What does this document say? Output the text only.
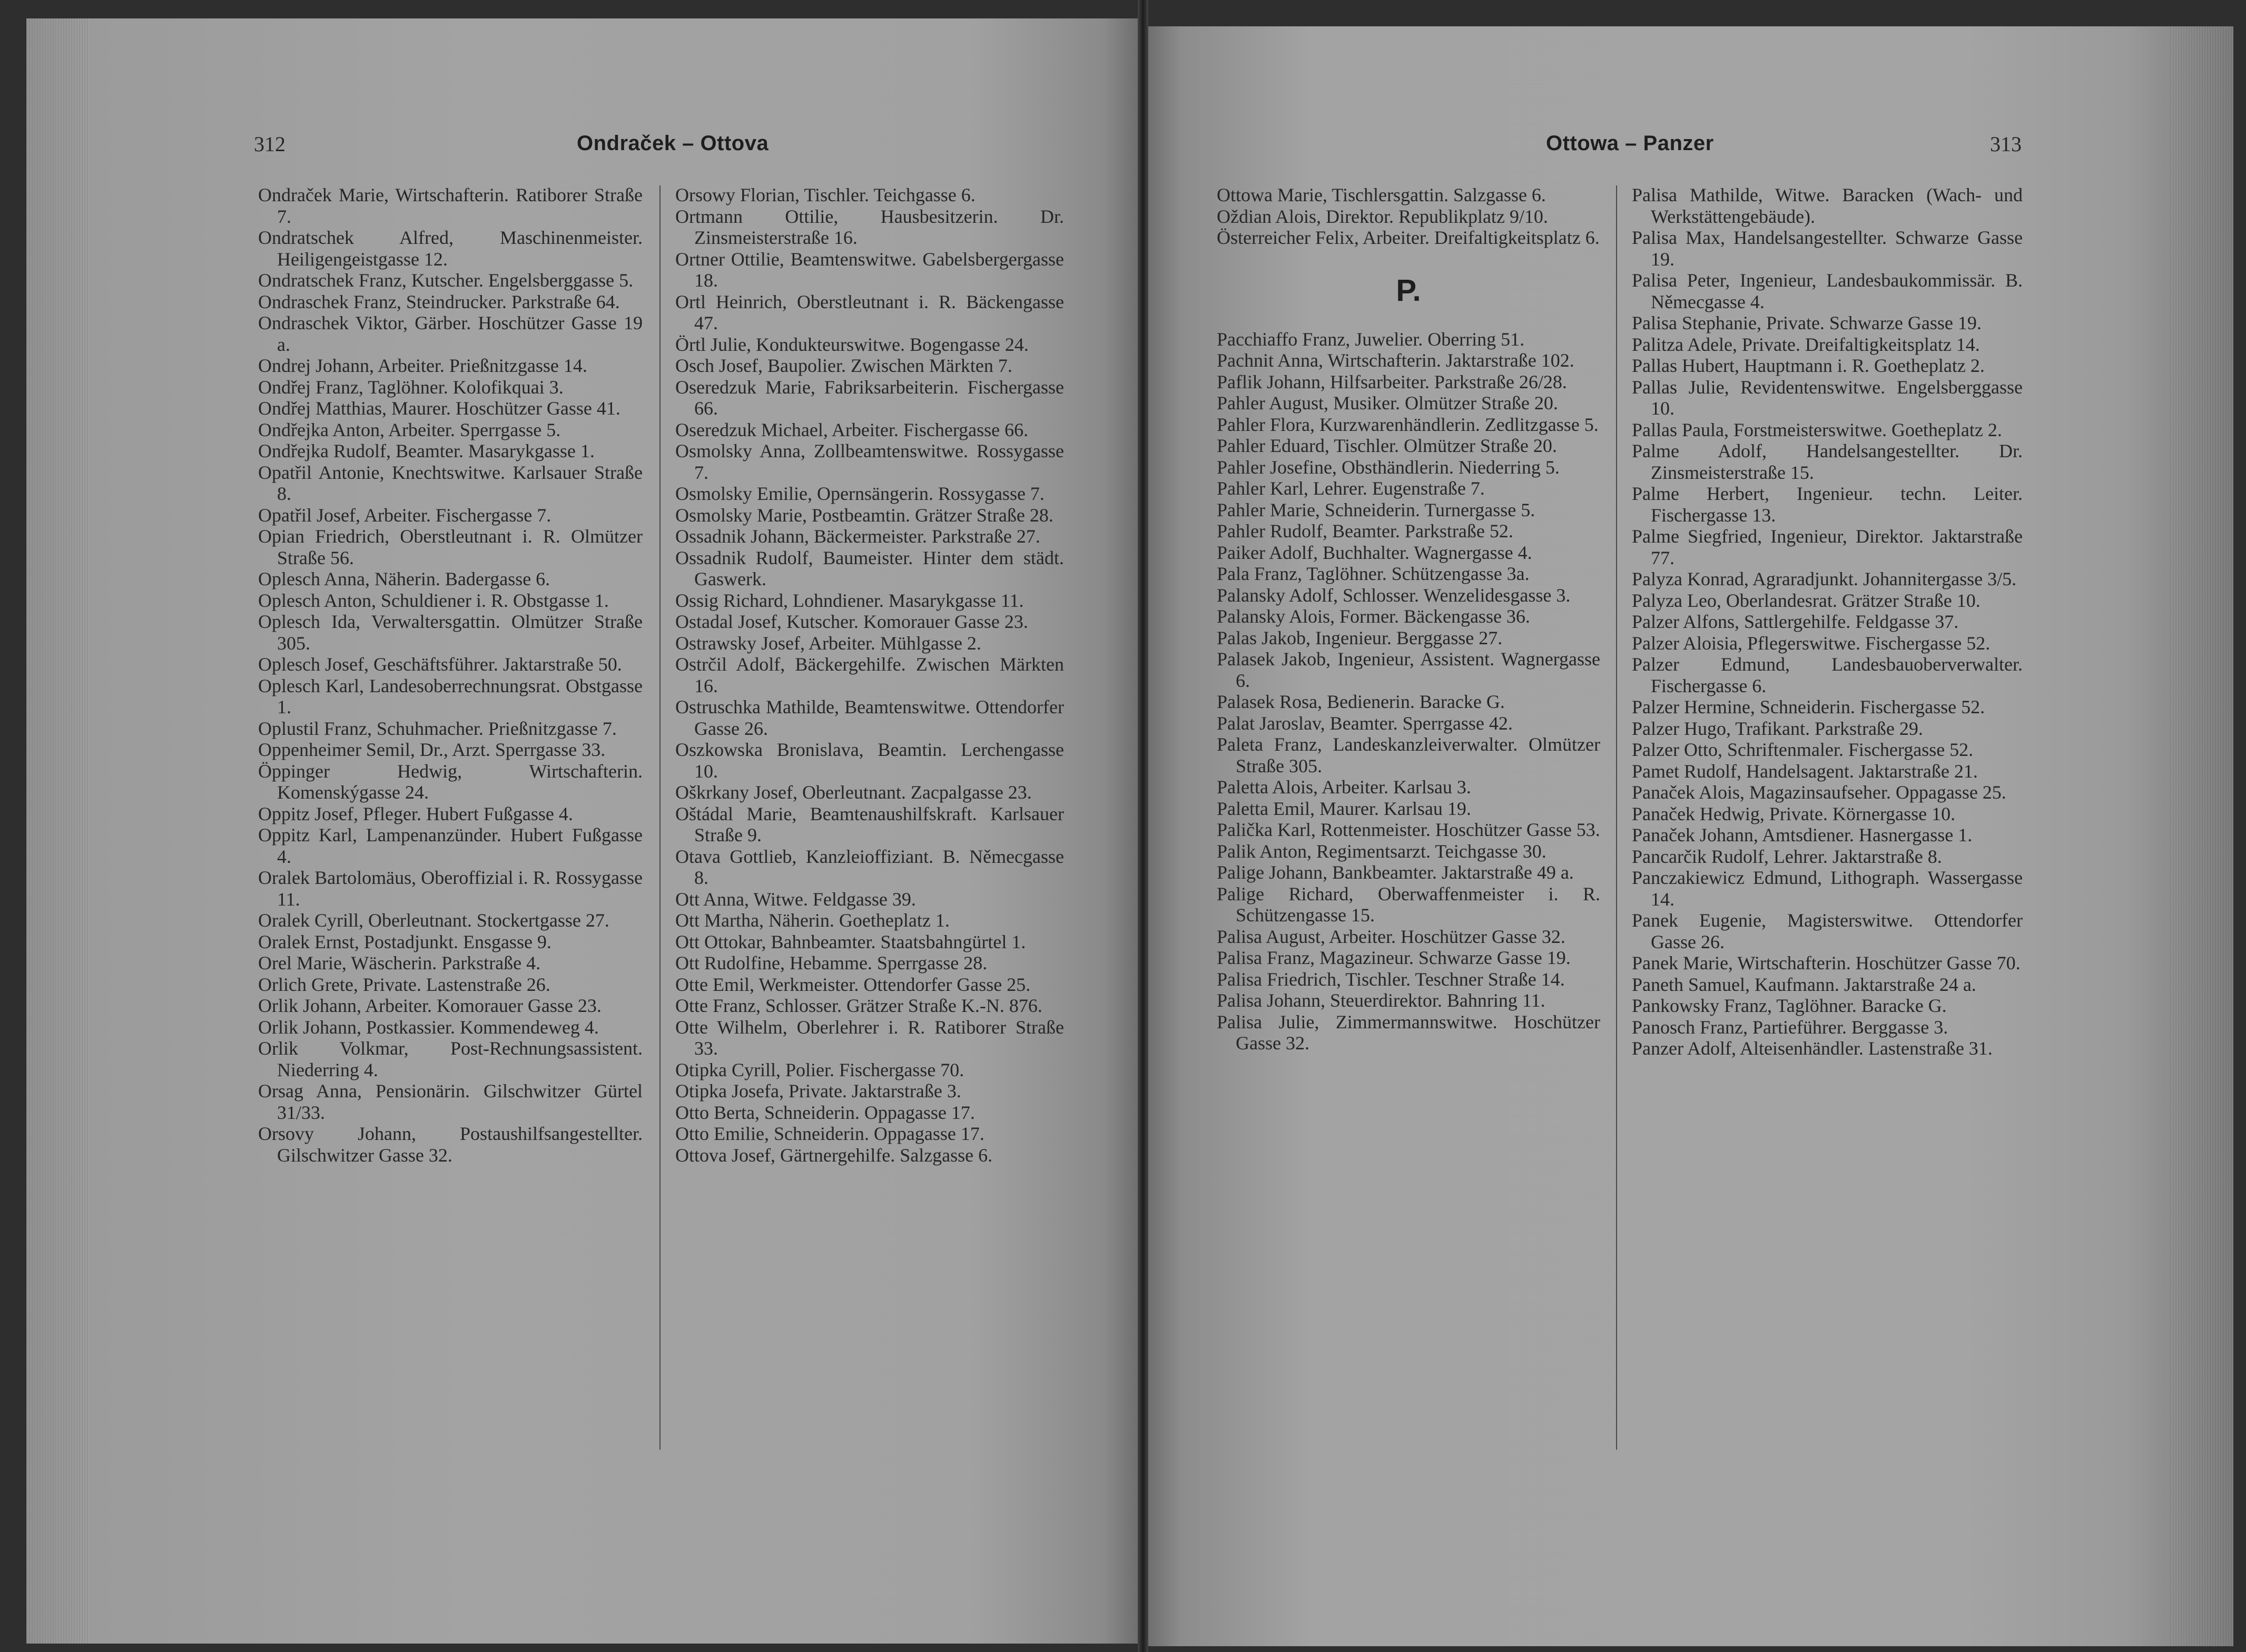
312	Ondraček – Ottova
Ondraček Marie, Wirtschafterin. Ratiborer Straße 7.
Ondratschek Alfred, Maschinenmeister. Heiligengeistgasse 12.
Ondratschek Franz, Kutscher. Engelsberggasse 5.
Ondraschek Franz, Steindrucker. Parkstraße 64.
Ondraschek Viktor, Gärber. Hoschützer Gasse 19 a.
Ondrej Johann, Arbeiter. Prießnitzgasse 14.
Ondřej Franz, Taglöhner. Kolofikquai 3.
Ondřej Matthias, Maurer. Hoschützer Gasse 41.
Ondřejka Anton, Arbeiter. Sperrgasse 5.
Ondřejka Rudolf, Beamter. Masarykgasse 1.
Opatřil Antonie, Knechtswitwe. Karlsauer Straße 8.
Opatřil Josef, Arbeiter. Fischergasse 7.
Opian Friedrich, Oberstleutnant i. R. Olmützer Straße 56.
Oplesch Anna, Näherin. Badergasse 6.
Oplesch Anton, Schuldiener i. R. Obstgasse 1.
Oplesch Ida, Verwaltersgattin. Olmützer Straße 305.
Oplesch Josef, Geschäftsführer. Jaktarstraße 50.
Oplesch Karl, Landesoberrechnungsrat. Obstgasse 1.
Oplustil Franz, Schuhmacher. Prießnitzgasse 7.
Oppenheimer Semil, Dr., Arzt. Sperrgasse 33.
Öppinger Hedwig, Wirtschafterin. Komenskýgasse 24.
Oppitz Josef, Pfleger. Hubert Fußgasse 4.
Oppitz Karl, Lampenanzünder. Hubert Fußgasse 4.
Oralek Bartolomäus, Oberoffizial i. R. Rossygasse 11.
Oralek Cyrill, Oberleutnant. Stockertgasse 27.
Oralek Ernst, Postadjunkt. Ensgasse 9.
Orel Marie, Wäscherin. Parkstraße 4.
Orlich Grete, Private. Lastenstraße 26.
Orlik Johann, Arbeiter. Komorauer Gasse 23.
Orlik Johann, Postkassier. Kommendeweg 4.
Orlik Volkmar, Post-Rechnungsassistent. Niederring 4.
Orsag Anna, Pensionärin. Gilschwitzer Gürtel 31/33.
Orsovy Johann, Postaushilfsangestellter. Gilschwitzer Gasse 32.
Orsowy Florian, Tischler. Teichgasse 6.
Ortmann Ottilie, Hausbesitzerin. Dr. Zinsmeisterstraße 16.
Ortner Ottilie, Beamtenswitwe. Gabelsbergergasse 18.
Ortl Heinrich, Oberstleutnant i. R. Bäckengasse 47.
Örtl Julie, Kondukteurswitwe. Bogengasse 24.
Osch Josef, Baupolier. Zwischen Märkten 7.
Oseredzuk Marie, Fabriksarbeiterin. Fischergasse 66.
Oseredzuk Michael, Arbeiter. Fischergasse 66.
Osmolsky Anna, Zollbeamtenswitwe. Rossygasse 7.
Osmolsky Emilie, Opernsängerin. Rossygasse 7.
Osmolsky Marie, Postbeamtin. Grätzer Straße 28.
Ossadnik Johann, Bäckermeister. Parkstraße 27.
Ossadnik Rudolf, Baumeister. Hinter dem städt. Gaswerk.
Ossig Richard, Lohndiener. Masarykgasse 11.
Ostadal Josef, Kutscher. Komorauer Gasse 23.
Ostrawsky Josef, Arbeiter. Mühlgasse 2.
Ostrčil Adolf, Bäckergehilfe. Zwischen Märkten 16.
Ostruschka Mathilde, Beamtenswitwe. Ottendorfer Gasse 26.
Oszkowska Bronislava, Beamtin. Lerchengasse 10.
Oškrkany Josef, Oberleutnant. Zacpalgasse 23.
Oštádal Marie, Beamtenaushilfskraft. Karlsauer Straße 9.
Otava Gottlieb, Kanzleioffiziant. B. Němecgasse 8.
Ott Anna, Witwe. Feldgasse 39.
Ott Martha, Näherin. Goetheplatz 1.
Ott Ottokar, Bahnbeamter. Staatsbahngürtel 1.
Ott Rudolfine, Hebamme. Sperrgasse 28.
Otte Emil, Werkmeister. Ottendorfer Gasse 25.
Otte Franz, Schlosser. Grätzer Straße K.-N. 876.
Otte Wilhelm, Oberlehrer i. R. Ratiborer Straße 33.
Otipka Cyrill, Polier. Fischergasse 70.
Otipka Josefa, Private. Jaktarstraße 3.
Otto Berta, Schneiderin. Oppagasse 17.
Otto Emilie, Schneiderin. Oppagasse 17.
Ottova Josef, Gärtnergehilfe. Salzgasse 6.
Ottowa – Panzer	313
Ottowa Marie, Tischlersgattin. Salzgasse 6.
Oždian Alois, Direktor. Republikplatz 9/10.
Österreicher Felix, Arbeiter. Dreifaltigkeitsplatz 6.
P.
Pacchiaffo Franz, Juwelier. Oberring 51.
Pachnit Anna, Wirtschafterin. Jaktarstraße 102.
Paflik Johann, Hilfsarbeiter. Parkstraße 26/28.
Pahler August, Musiker. Olmützer Straße 20.
Pahler Flora, Kurzwarenhändlerin. Zedlitzgasse 5.
Pahler Eduard, Tischler. Olmützer Straße 20.
Pahler Josefine, Obsthändlerin. Niederring 5.
Pahler Karl, Lehrer. Eugenstraße 7.
Pahler Marie, Schneiderin. Turnergasse 5.
Pahler Rudolf, Beamter. Parkstraße 52.
Paiker Adolf, Buchhalter. Wagnergasse 4.
Pala Franz, Taglöhner. Schützengasse 3a.
Palansky Adolf, Schlosser. Wenzelidesgasse 3.
Palansky Alois, Former. Bäckengasse 36.
Palas Jakob, Ingenieur. Berggasse 27.
Palasek Jakob, Ingenieur, Assistent. Wagnergasse 6.
Palasek Rosa, Bedienerin. Baracke G.
Palat Jaroslav, Beamter. Sperrgasse 42.
Paleta Franz, Landeskanzleiverwalter. Olmützer Straße 305.
Paletta Alois, Arbeiter. Karlsau 3.
Paletta Emil, Maurer. Karlsau 19.
Palička Karl, Rottenmeister. Hoschützer Gasse 53.
Palik Anton, Regimentsarzt. Teichgasse 30.
Palige Johann, Bankbeamter. Jaktarstraße 49 a.
Palige Richard, Oberwaffenmeister i. R. Schützengasse 15.
Palisa August, Arbeiter. Hoschützer Gasse 32.
Palisa Franz, Magazineur. Schwarze Gasse 19.
Palisa Friedrich, Tischler. Teschner Straße 14.
Palisa Johann, Steuerdirektor. Bahnring 11.
Palisa Julie, Zimmermannswitwe. Hoschützer Gasse 32.
Palisa Mathilde, Witwe. Baracken (Wach- und Werkstättengebäude).
Palisa Max, Handelsangestellter. Schwarze Gasse 19.
Palisa Peter, Ingenieur, Landesbaukommissär. B. Němecgasse 4.
Palisa Stephanie, Private. Schwarze Gasse 19.
Palitza Adele, Private. Dreifaltigkeitsplatz 14.
Pallas Hubert, Hauptmann i. R. Goetheplatz 2.
Pallas Julie, Revidentenswitwe. Engelsberggasse 10.
Pallas Paula, Forstmeisterswitwe. Goetheplatz 2.
Palme Adolf, Handelsangestellter. Dr. Zinsmeisterstraße 15.
Palme Herbert, Ingenieur. techn. Leiter. Fischergasse 13.
Palme Siegfried, Ingenieur, Direktor. Jaktarstraße 77.
Palyza Konrad, Agraradjunkt. Johannitergasse 3/5.
Palyza Leo, Oberlandesrat. Grätzer Straße 10.
Palzer Alfons, Sattlergehilfe. Feldgasse 37.
Palzer Aloisia, Pflegerswitwe. Fischergasse 52.
Palzer Edmund, Landesbauoberverwalter. Fischergasse 6.
Palzer Hermine, Schneiderin. Fischergasse 52.
Palzer Hugo, Trafikant. Parkstraße 29.
Palzer Otto, Schriftenmaler. Fischergasse 52.
Pamet Rudolf, Handelsagent. Jaktarstraße 21.
Panaček Alois, Magazinsaufseher. Oppagasse 25.
Panaček Hedwig, Private. Körnergasse 10.
Panaček Johann, Amtsdiener. Hasnergasse 1.
Pancarčik Rudolf, Lehrer. Jaktarstraße 8.
Panczakiewicz Edmund, Lithograph. Wassergasse 14.
Panek Eugenie, Magisterswitwe. Ottendorfer Gasse 26.
Panek Marie, Wirtschafterin. Hoschützer Gasse 70.
Paneth Samuel, Kaufmann. Jaktarstraße 24 a.
Pankowsky Franz, Taglöhner. Baracke G.
Panosch Franz, Partieführer. Berggasse 3.
Panzer Adolf, Alteisenhändler. Lastenstraße 31.
